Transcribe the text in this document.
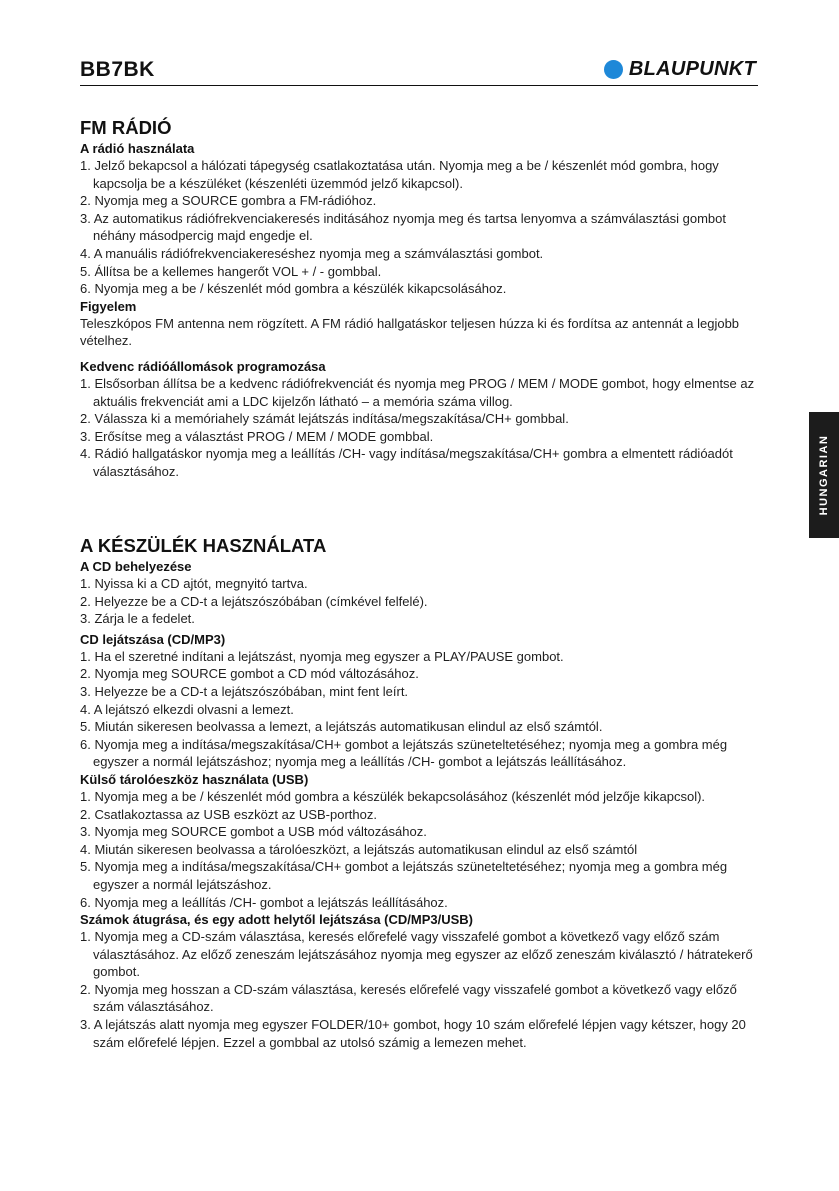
BB7BK	BLAUPUNKT
HUNGARIAN
FM RÁDIÓ
A rádió használata
1. Jelző bekapcsol a hálózati tápegység csatlakoztatása után. Nyomja meg a be / készenlét mód gombra, hogy kapcsolja be a készüléket (készenléti üzemmód jelző kikapcsol).
2. Nyomja meg a SOURCE gombra a FM-rádióhoz.
3. Az automatikus rádiófrekvenciakeresés inditásához nyomja meg és tartsa lenyomva a számválasztási gombot néhány másodpercig majd engedje el.
4. A manuális rádiófrekvenciakereséshez nyomja meg a számválasztási gombot.
5. Állítsa be a kellemes hangerőt VOL + / - gombbal.
6. Nyomja meg a be / készenlét mód gombra a készülék kikapcsolásához.
Figyelem

Teleszkópos FM antenna nem rögzített. A FM rádió hallgatáskor teljesen húzza ki és fordítsa az antennát a legjobb vételhez.

Kedvenc rádióállomások programozása
1. Elsősorban állítsa be a kedvenc rádiófrekvenciát és nyomja meg PROG / MEM / MODE gombot, hogy elmentse az aktuális frekvenciát ami a LDC kijelzőn látható – a memória száma villog.
2. Válassza ki a memóriahely számát lejátszás indítása/megszakítása/CH+ gombbal.
3. Erősítse meg a választást PROG / MEM / MODE gombbal.
4. Rádió hallgatáskor nyomja meg a leállítás /CH- vagy indítása/megszakítása/CH+ gombra a elmentett rádióadót választásához.
A KÉSZÜLÉK HASZNÁLATA
A CD behelyezése
1. Nyissa ki a CD ajtót, megnyitó tartva.
2. Helyezze be a CD-t a lejátszószóbában (címkével felfelé).
3. Zárja le a fedelet.
CD lejátszása (CD/MP3)
1. Ha el szeretné indítani a lejátszást, nyomja meg egyszer a PLAY/PAUSE gombot.
2. Nyomja meg SOURCE gombot a CD mód változásához.
3. Helyezze be a CD-t a lejátszószóbában, mint fent leírt.
4. A lejátszó elkezdi olvasni a lemezt.
5. Miután sikeresen beolvassa a lemezt, a lejátszás automatikusan elindul az első számtól.
6. Nyomja meg a indítása/megszakítása/CH+ gombot a lejátszás szüneteltetéséhez; nyomja meg a gombra még egyszer a normál lejátszáshoz; nyomja meg a leállítás /CH- gombot a lejátszás leállításához.
Külső tárolóeszköz használata (USB)
1. Nyomja meg a be / készenlét mód gombra a készülék bekapcsolásához (készenlét mód jelzője kikapcsol).
2. Csatlakoztassa az USB eszközt az USB-porthoz.
3. Nyomja meg SOURCE gombot a USB mód változásához.
4. Miután sikeresen beolvassa a tárolóeszközt, a lejátszás automatikusan elindul az első számtól
5. Nyomja meg a indítása/megszakítása/CH+ gombot a lejátszás szüneteltetéséhez; nyomja meg a gombra még egyszer a normál lejátszáshoz.
6. Nyomja meg a leállítás /CH- gombot a lejátszás leállításához.
Számok átugrása, és egy adott helytől lejátszása (CD/MP3/USB)
1. Nyomja meg a CD-szám választása, keresés előrefelé vagy visszafelé gombot a következő vagy előző szám választásához. Az előző zeneszám lejátszásához nyomja meg egyszer az előző zeneszám kiválasztó / hátratekerő gombot.
2. Nyomja meg hosszan a CD-szám választása, keresés előrefelé vagy visszafelé gombot a következő vagy előző szám választásához.
3. A lejátszás alatt nyomja meg egyszer FOLDER/10+ gombot, hogy 10 szám előrefelé lépjen vagy kétszer, hogy 20 szám előrefelé lépjen. Ezzel a gombbal az utolsó számig a lemezen mehet.
